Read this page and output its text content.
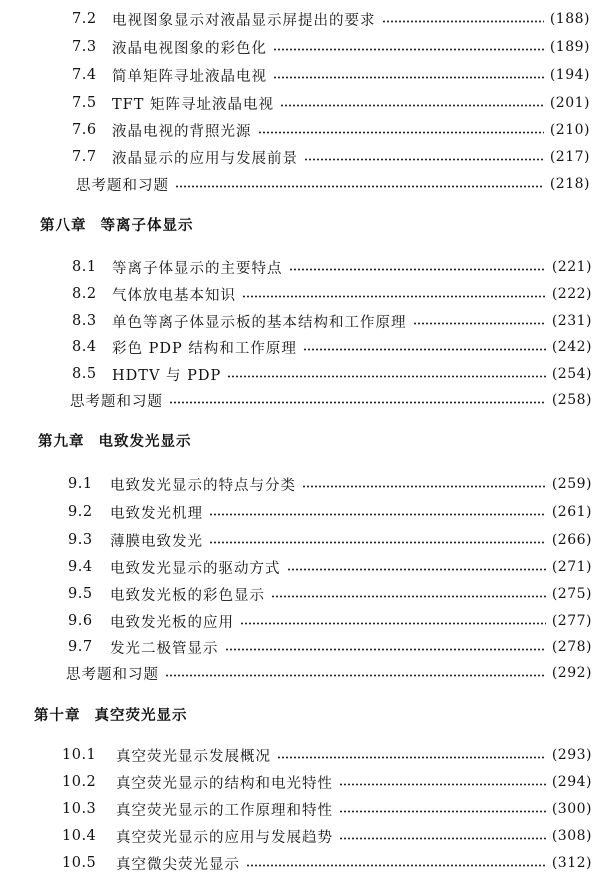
7.2	电视图象显示对液晶显示屏提出的要求	(188)
7.3	液晶电视图象的彩色化	(189)
7.4	简单矩阵寻址液晶电视	(194)
7.5	TFT 矩阵寻址液晶电视	(201)
7.6	液晶电视的背照光源	(210)
7.7	液晶显示的应用与发展前景	(217)
思考题和习题	(218)
第八章 等离子体显示
8.1	等离子体显示的主要特点	(221)
8.2	气体放电基本知识	(222)
8.3	单色等离子体显示板的基本结构和工作原理	(231)
8.4	彩色 PDP 结构和工作原理	(242)
8.5	HDTV 与 PDP	(254)
思考题和习题	(258)
第九章 电致发光显示
9.1	电致发光显示的特点与分类	(259)
9.2	电致发光机理	(261)
9.3	薄膜电致发光	(266)
9.4	电致发光显示的驱动方式	(271)
9.5	电致发光板的彩色显示	(275)
9.6	电致发光板的应用	(277)
9.7	发光二极管显示	(278)
思考题和习题	(292)
第十章 真空荧光显示
10.1	真空荧光显示发展概况	(293)
10.2	真空荧光显示的结构和电光特性	(294)
10.3	真空荧光显示的工作原理和特性	(300)
10.4	真空荧光显示的应用与发展趋势	(308)
10.5	真空微尖荧光显示	(312)
